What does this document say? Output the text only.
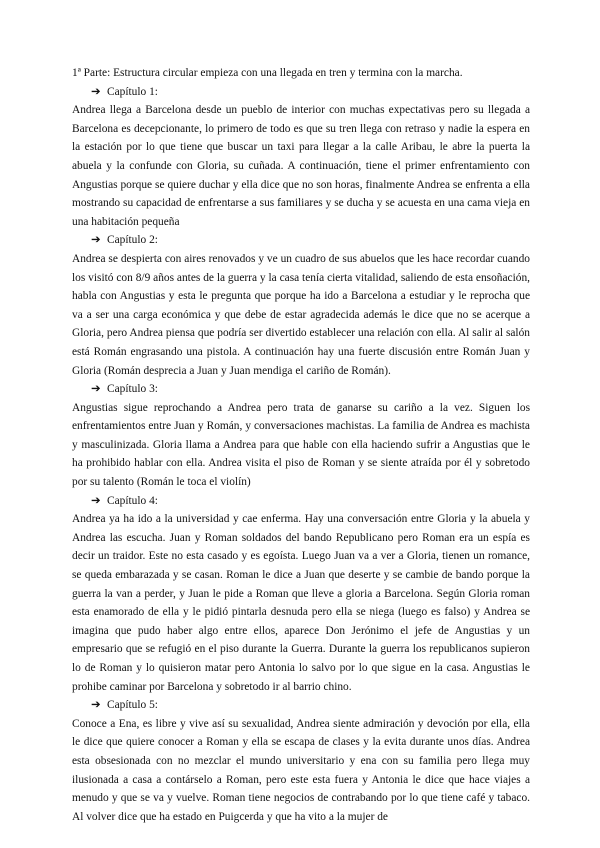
1ª Parte: Estructura circular empieza con una llegada en tren y termina con la marcha.

➔ Capítulo 1:

Andrea llega a Barcelona desde un pueblo de interior con muchas expectativas pero su llegada a Barcelona es decepcionante, lo primero de todo es que su tren llega con retraso y nadie la espera en la estación por lo que tiene que buscar un taxi para llegar a la calle Aribau, le abre la puerta la abuela y la confunde con Gloria, su cuñada. A continuación, tiene el primer enfrentamiento con Angustias porque se quiere duchar y ella dice que no son horas, finalmente Andrea se enfrenta a ella mostrando su capacidad de enfrentarse a sus familiares y se ducha y se acuesta en una cama vieja en una habitación pequeña

➔ Capítulo 2:

Andrea se despierta con aires renovados y ve un cuadro de sus abuelos que les hace recordar cuando los visitó con 8/9 años antes de la guerra y la casa tenía cierta vitalidad, saliendo de esta ensoñación, habla con Angustias y esta le pregunta que porque ha ido a Barcelona a estudiar y le reprocha que va a ser una carga económica y que debe de estar agradecida además le dice que no se acerque a Gloria, pero Andrea piensa que podría ser divertido establecer una relación con ella. Al salir al salón está Román engrasando una pistola. A continuación hay una fuerte discusión entre Román Juan y Gloria (Román desprecia a Juan y Juan mendiga el cariño de Román).

➔ Capítulo 3:

Angustias sigue reprochando a Andrea pero trata de ganarse su cariño a la vez. Siguen los enfrentamientos entre Juan y Román, y conversaciones machistas. La familia de Andrea es machista y masculinizada. Gloria llama a Andrea para que hable con ella haciendo sufrir a Angustias que le ha prohibido hablar con ella. Andrea visita el piso de Roman y se siente atraída por él y sobretodo por su talento (Román le toca el violín)

➔ Capítulo 4:

Andrea ya ha ido a la universidad y cae enferma. Hay una conversación entre Gloria y la abuela y Andrea las escucha. Juan y Roman soldados del bando Republicano pero Roman era un espía es decir un traidor. Este no esta casado y es egoísta. Luego Juan va a ver a Gloria, tienen un romance, se queda embarazada y se casan. Roman le dice a Juan que deserte y se cambie de bando porque la guerra la van a perder, y Juan le pide a Roman que lleve a gloria a Barcelona. Según Gloria roman esta enamorado de ella y le pidió pintarla desnuda pero ella se niega (luego es falso) y Andrea se imagina que pudo haber algo entre ellos, aparece Don Jerónimo el jefe de Angustias y un empresario que se refugió en el piso durante la Guerra. Durante la guerra los republicanos supieron lo de Roman y lo quisieron matar pero Antonia lo salvo por lo que sigue en la casa. Angustias le prohibe caminar por Barcelona y sobretodo ir al barrio chino.

➔ Capítulo 5:

Conoce a Ena, es libre y vive así su sexualidad, Andrea siente admiración y devoción por ella, ella le dice que quiere conocer a Roman y ella se escapa de clases y la evita durante unos días. Andrea esta obsesionada con no mezclar el mundo universitario y ena con su familia pero llega muy ilusionada a casa a contárselo a Roman, pero este esta fuera y Antonia le dice que hace viajes a menudo y que se va y vuelve. Roman tiene negocios de contrabando por lo que tiene café y tabaco. Al volver dice que ha estado en Puigcerda y que ha vito a la mujer de
